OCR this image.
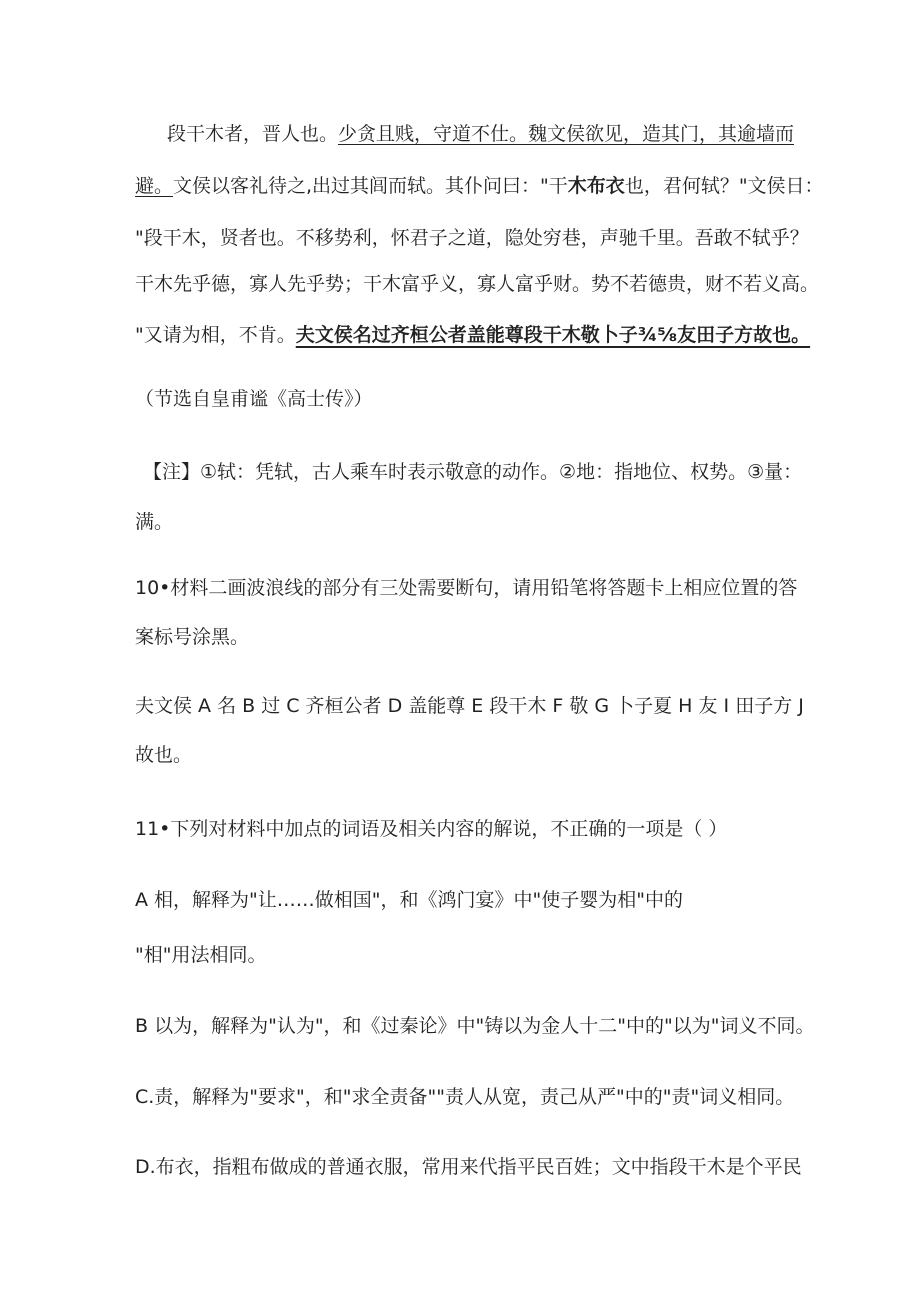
段干木者，晋人也。少贪且贱，守道不仕。魏文侯欲见，造其门，其逾墙而
避。文侯以客礼待之,出过其闾而轼。其仆问曰："干木布衣也，君何轼？"文侯日：
"段干木，贤者也。不移势利，怀君子之道，隐处穷巷，声驰千里。吾敢不轼乎？
干木先乎德，寡人先乎势；干木富乎义，寡人富乎财。势不若德贵，财不若义高。
"又请为相，不肯。夫文侯名过齐桓公者盖能尊段干木敬卜子¾⅝友田子方故也。
（节选自皇甫谧《高士传》）
【注】①轼：凭轼，古人乘车时表示敬意的动作。②地：指地位、权势。③量：
满。
10•材料二画波浪线的部分有三处需要断句，请用铅笔将答题卡上相应位置的答
案标号涂黑。
夫文侯 A 名 B 过 C 齐桓公者 D 盖能尊 E 段干木 F 敬 G 卜子夏 H 友 I 田子方 J
故也。
11•下列对材料中加点的词语及相关内容的解说，不正确的一项是（ ）
A 相，解释为"让……做相国"，和《鸿门宴》中"使子婴为相"中的
"相"用法相同。
B 以为，解释为"认为"，和《过秦论》中"铸以为金人十二"中的"以为"词义不同。
C.责，解释为"要求"，和"求全责备""责人从宽，责己从严"中的"责"词义相同。
D.布衣，指粗布做成的普通衣服，常用来代指平民百姓；文中指段干木是个平民
